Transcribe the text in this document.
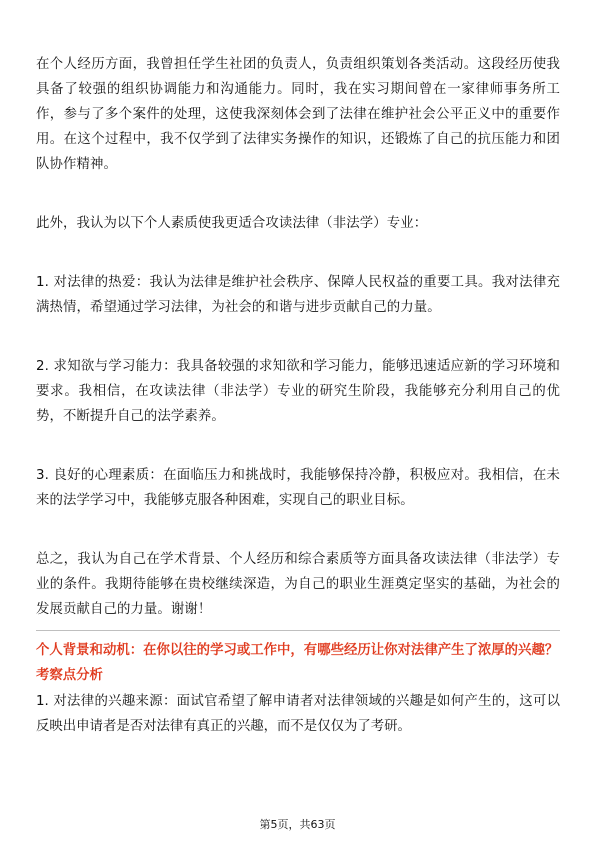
在个人经历方面，我曾担任学生社团的负责人，负责组织策划各类活动。这段经历使我具备了较强的组织协调能力和沟通能力。同时，我在实习期间曾在一家律师事务所工作，参与了多个案件的处理，这使我深刻体会到了法律在维护社会公平正义中的重要作用。在这个过程中，我不仅学到了法律实务操作的知识，还锻炼了自己的抗压能力和团队协作精神。

此外，我认为以下个人素质使我更适合攻读法律（非法学）专业：

1. 对法律的热爱：我认为法律是维护社会秩序、保障人民权益的重要工具。我对法律充满热情，希望通过学习法律，为社会的和谐与进步贡献自己的力量。

2. 求知欲与学习能力：我具备较强的求知欲和学习能力，能够迅速适应新的学习环境和要求。我相信，在攻读法律（非法学）专业的研究生阶段，我能够充分利用自己的优势，不断提升自己的法学素养。

3. 良好的心理素质：在面临压力和挑战时，我能够保持冷静，积极应对。我相信，在未来的法学学习中，我能够克服各种困难，实现自己的职业目标。

总之，我认为自己在学术背景、个人经历和综合素质等方面具备攻读法律（非法学）专业的条件。我期待能够在贵校继续深造，为自己的职业生涯奠定坚实的基础，为社会的发展贡献自己的力量。谢谢！

个人背景和动机：在你以往的学习或工作中，有哪些经历让你对法律产生了浓厚的兴趣？

考察点分析

1. 对法律的兴趣来源：面试官希望了解申请者对法律领域的兴趣是如何产生的，这可以反映出申请者是否对法律有真正的兴趣，而不是仅仅为了考研。

第5页，共63页
